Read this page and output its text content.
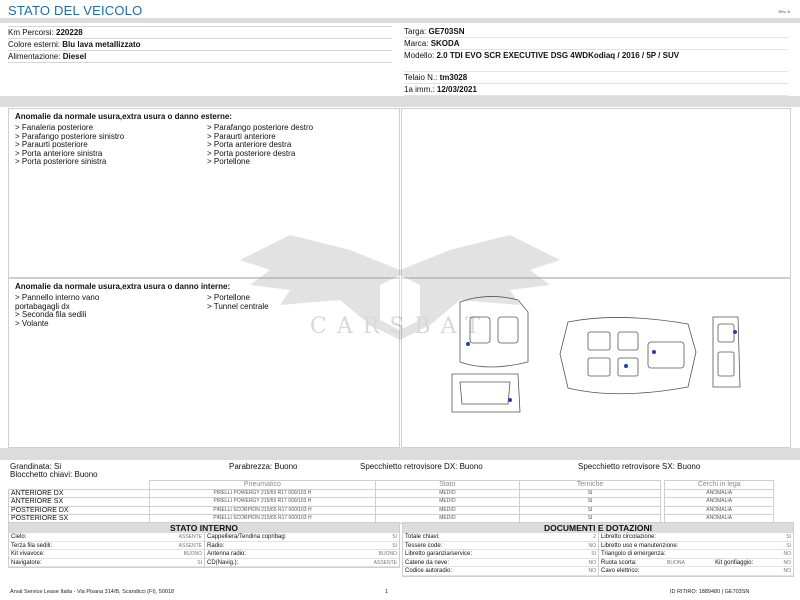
STATO DEL VEICOLO	Rev. A
Km Percorsi: 220228
Colore esterni: Blu lava metallizzato
Alimentazione: Diesel
Targa: GE703SN
Marca: SKODA
Modello: 2.0 TDI EVO SCR EXECUTIVE DSG 4WDKodiaq / 2016 / 5P / SUV
Telaio N.: tm3028
1a imm.: 12/03/2021
Anomalie da normale usura,extra usura o danno esterne:
> Fanaleria posteriore
> Parafango posteriore sinistro
> Paraurti posteriore
> Porta anteriore sinistra
> Porta posteriore sinistra
> Parafango posteriore destro
> Paraurti anteriore
> Porta anteriore destra
> Porta posteriore destra
> Portellone
Anomalie da normale usura,extra usura o danno interne:
> Pannello interno vano
portabagagli dx
> Seconda fila sedili
> Volante
> Portellone
> Tunnel centrale
CARSBAT
Grandinata: Si
Blocchetto chiavi: Buono
Parabrezza: Buono	Specchietto retrovisore DX: Buono	Specchietto retrovisore SX: Buono
	Pneumatico	Stato	Terniche		Cerchi in lega
ANTERIORE DX	PIRELLI POWERGY 215/65 R17 000/103 H	MEDIO	SI		ANOMALIA
ANTERIORE SX	PIRELLI POWERGY 215/65 R17 000/103 H	MEDIO	SI		ANOMALIA
POSTERIORE DX	PIRELLI SCORPION 215/65 R17 000/103 H	MEDIO	SI		ANOMALIA
POSTERIORE SX	PIRELLI SCORPION 215/65 R17 000/103 H	MEDIO	SI		ANOMALIA
STATO INTERNO
Cielo:	ASSENTE
Terza fila sedili:	ASSENTE
Kit vivavoce:	BUONO
Navigatore:	SI
Cappelliera/Tendina copribag:	SI
Radio:	SI
Antenna radio:	BUONO
CD(Navig.):	ASSENTE
DOCUMENTI E DOTAZIONI
Totale chiavi:	2
Tessere code:	NO
Libretto garanzia/service:	SI
Catene da neve:	NO
Codice autoradio:	NO
Libretto circolazione:	SI
Libretto uso e manutenzione:	SI
Triangolo di emergenza:	NO
Ruota scorta:	BUONA	Kit gonfiaggio:	NO
Cavo elettrico:	NO
Arval Service Lease Italia - Via Pisana 314/B, Scandicci (FI), 50018	1	ID RITIRO: 1889480 | GE703SN
